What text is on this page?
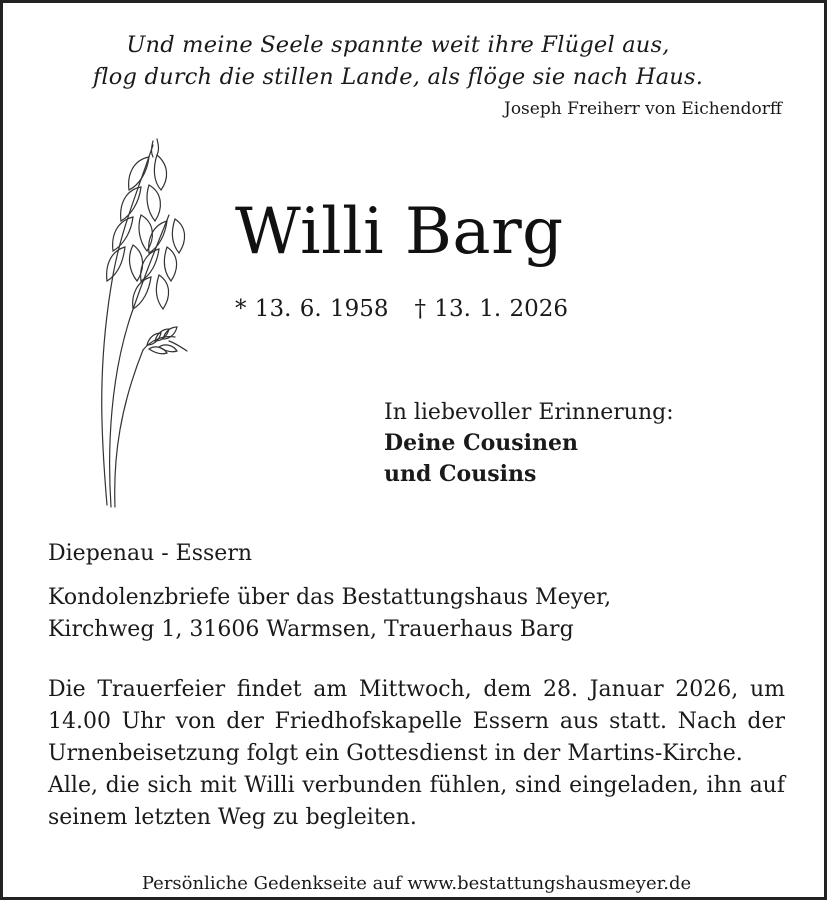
Und meine Seele spannte weit ihre Flügel aus,
flog durch die stillen Lande, als flöge sie nach Haus.
Joseph Freiherr von Eichendorff
Willi Barg
* 13. 6. 1958 † 13. 1. 2026
In liebevoller Erinnerung:
Deine Cousinen
und Cousins
Diepenau - Essern
Kondolenzbriefe über das Bestattungshaus Meyer,
Kirchweg 1, 31606 Warmsen, Trauerhaus Barg

Die Trauerfeier findet am Mittwoch, dem 28. Januar 2026, um 14.00 Uhr von der Friedhofskapelle Essern aus statt. Nach der Urnenbeisetzung folgt ein Gottesdienst in der Martins-Kirche.

Alle, die sich mit Willi verbunden fühlen, sind eingeladen, ihn auf seinem letzten Weg zu begleiten.

Persönliche Gedenkseite auf www.bestattungshausmeyer.de
